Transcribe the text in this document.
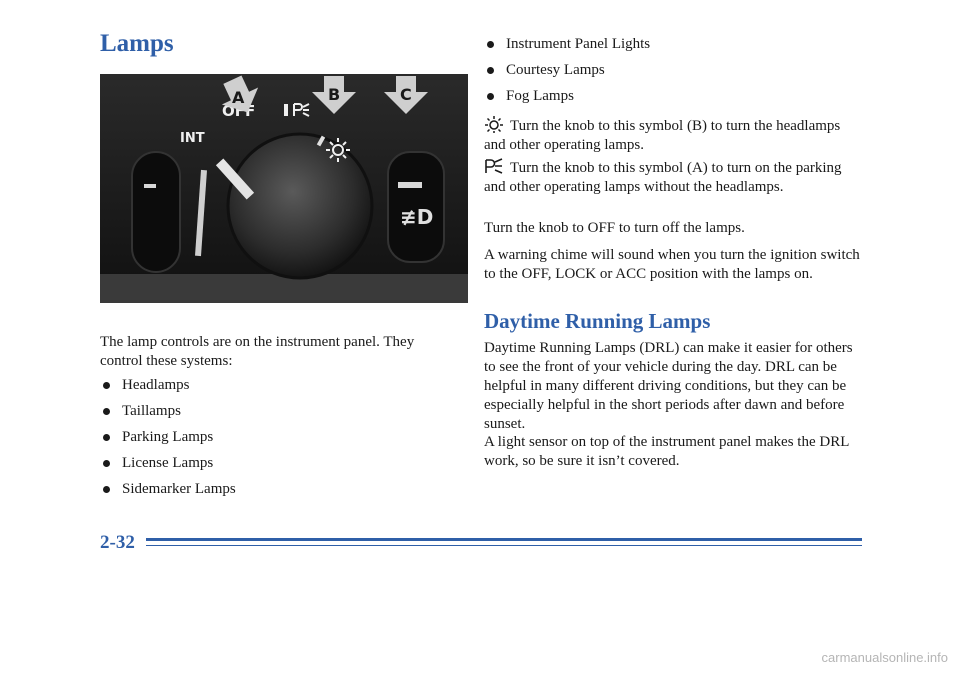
Lamps
≢D
OFF
INT
A	B	C

The lamp controls are on the instrument panel. They control these systems:

Headlamps
Taillamps
Parking Lamps
License Lamps
Sidemarker Lamps
Instrument Panel Lights
Courtesy Lamps
Fog Lamps

Turn the knob to this symbol (B) to turn the headlamps and other operating lamps.

Turn the knob to this symbol (A) to turn on the parking and other operating lamps without the headlamps.

Turn the knob to OFF to turn off the lamps.

A warning chime will sound when you turn the ignition switch to the OFF, LOCK or ACC position with the lamps on.

Daytime Running Lamps

Daytime Running Lamps (DRL) can make it easier for others to see the front of your vehicle during the day. DRL can be helpful in many different driving conditions, but they can be especially helpful in the short periods after dawn and before sunset.

A light sensor on top of the instrument panel makes the DRL work, so be sure it isn’t covered.

2-32

carmanualsonline.info
